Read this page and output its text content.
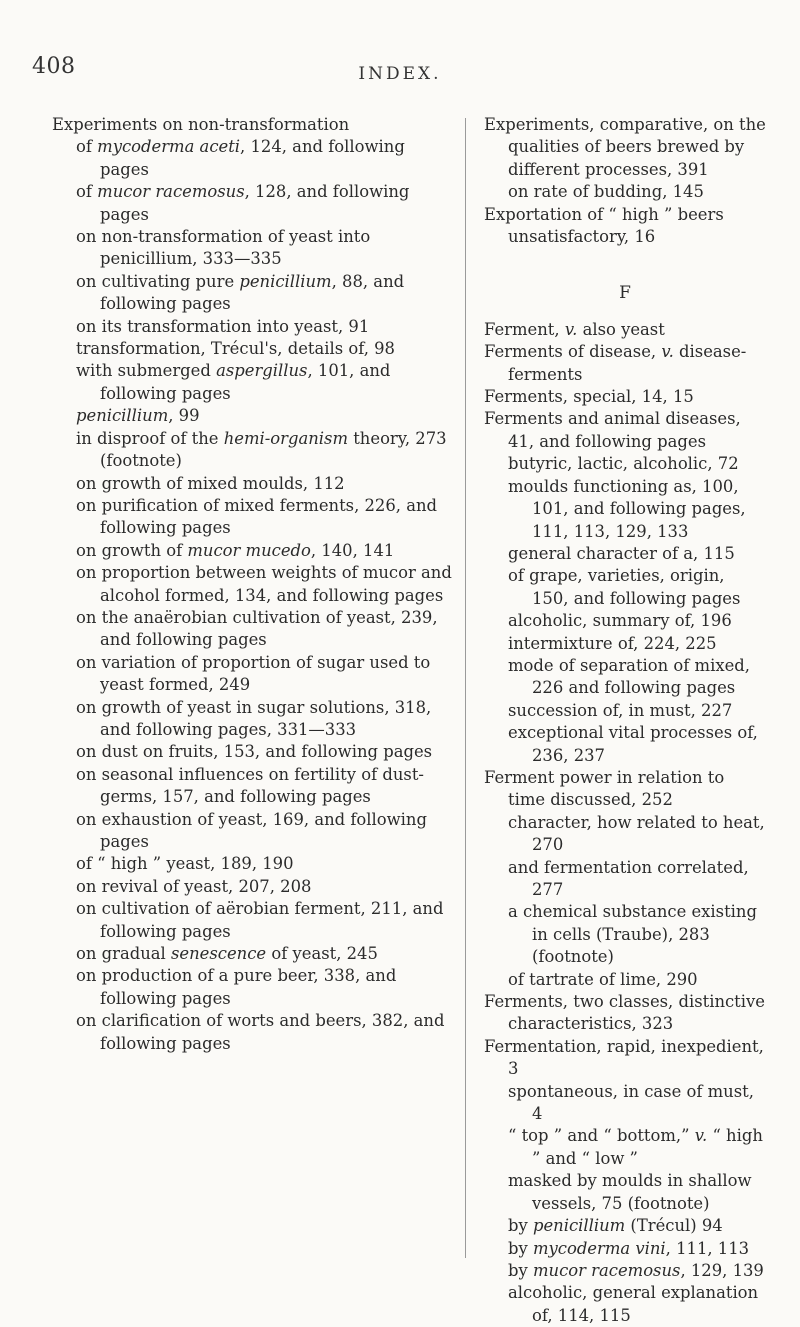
408	INDEX.

Experiments on non-transformation

of mycoderma aceti, 124, and following pages

of mucor racemosus, 128, and following pages

on non-transformation of yeast into penicillium, 333—335

on cultivating pure penicillium, 88, and following pages

on its transformation into yeast, 91

transformation, Trécul's, details of, 98

with submerged aspergillus, 101, and following pages

penicillium, 99

in disproof of the hemi-organism theory, 273 (footnote)

on growth of mixed moulds, 112

on purification of mixed ferments, 226, and following pages

on growth of mucor mucedo, 140, 141

on proportion between weights of mucor and alcohol formed, 134, and following pages

on the anaërobian cultivation of yeast, 239, and following pages

on variation of proportion of sugar used to yeast formed, 249

on growth of yeast in sugar solutions, 318, and following pages, 331—333

on dust on fruits, 153, and following pages

on seasonal influences on fertility of dust-germs, 157, and following pages

on exhaustion of yeast, 169, and following pages

of “ high ” yeast, 189, 190

on revival of yeast, 207, 208

on cultivation of aërobian ferment, 211, and following pages

on gradual senescence of yeast, 245

on production of a pure beer, 338, and following pages

on clarification of worts and beers, 382, and following pages

Experiments, comparative, on the qualities of beers brewed by different processes, 391

on rate of budding, 145

Exportation of “ high ” beers unsatisfactory, 16

F

Ferment, v. also yeast

Ferments of disease, v. disease-ferments

Ferments, special, 14, 15

Ferments and animal diseases, 41, and following pages

butyric, lactic, alcoholic, 72

moulds functioning as, 100, 101, and following pages, 111, 113, 129, 133

general character of a, 115

of grape, varieties, origin, 150, and following pages

alcoholic, summary of, 196

intermixture of, 224, 225

mode of separation of mixed, 226 and following pages

succession of, in must, 227

exceptional vital processes of, 236, 237

Ferment power in relation to time discussed, 252

character, how related to heat, 270

and fermentation correlated, 277

a chemical substance existing in cells (Traube), 283 (footnote)

of tartrate of lime, 290

Ferments, two classes, distinctive characteristics, 323

Fermentation, rapid, inexpedient, 3

spontaneous, in case of must, 4

“ top ” and “ bottom,” v. “ high ” and “ low ”

masked by moulds in shallow vessels, 75 (footnote)

by penicillium (Trécul) 94

by mycoderma vini, 111, 113

by mucor racemosus, 129, 139

alcoholic, general explanation of, 114, 115
